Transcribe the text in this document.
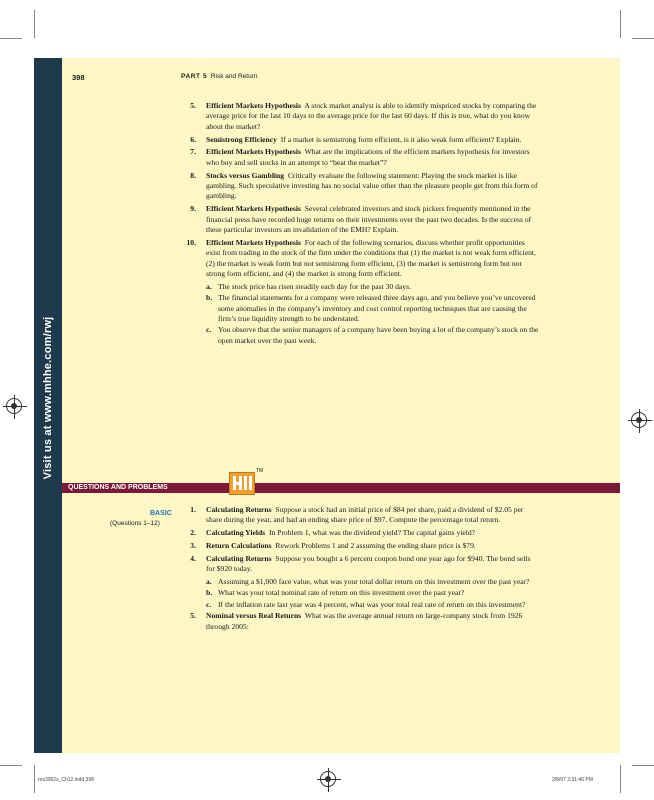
Visit us at www.mhhe.com/rwj
398	PART 5 Risk and Return
5. Efficient Markets Hypothesis A stock market analyst is able to identify mispriced stocks by comparing the average price for the last 10 days to the average price for the last 60 days. If this is true, what do you know about the market?
6. Semistrong Efficiency If a market is semistrong form efficient, is it also weak form efficient? Explain.
7. Efficient Markets Hypothesis What are the implications of the efficient markets hypothesis for investors who buy and sell stocks in an attempt to “beat the market”?
8. Stocks versus Gambling Critically evaluate the following statement: Playing the stock market is like gambling. Such speculative investing has no social value other than the pleasure people get from this form of gambling.
9. Efficient Markets Hypothesis Several celebrated investors and stock pickers frequently mentioned in the financial press have recorded huge returns on their investments over the past two decades. Is the success of these particular investors an invalidation of the EMH? Explain.
10. Efficient Markets Hypothesis For each of the following scenarios, discuss whether profit opportunities exist from trading in the stock of the firm under the conditions that (1) the market is not weak form efficient, (2) the market is weak form but not semistrong form efficient, (3) the market is semistrong form but not strong form efficient, and (4) the market is strong form efficient.
a. The stock price has risen steadily each day for the past 30 days.
b. The financial statements for a company were released three days ago, and you believe you’ve uncovered some anomalies in the company’s inventory and cost control reporting techniques that are causing the firm’s true liquidity strength to be understated.
c. You observe that the senior managers of a company have been buying a lot of the company’s stock on the open market over the past week.
QUESTIONS AND PROBLEMS
TM
BASIC
(Questions 1–12)
1. Calculating Returns Suppose a stock had an initial price of $84 per share, paid a dividend of $2.05 per share during the year, and had an ending share price of $97. Compute the percentage total return.
2. Calculating Yields In Problem 1, what was the dividend yield? The capital gains yield?
3. Return Calculations Rework Problems 1 and 2 assuming the ending share price is $79.
4. Calculating Returns Suppose you bought a 6 percent coupon bond one year ago for $940. The bond sells for $920 today.
a. Assuming a $1,000 face value, what was your total dollar return on this investment over the past year?
b. What was your total nominal rate of return on this investment over the past year?
c. If the inflation rate last year was 4 percent, what was your total real rate of return on this investment?
5. Nominal versus Real Returns What was the average annual return on large-company stock from 1926 through 2005:
ros3062x_Ch12.indd 398	2/8/07 2:31:46 PM
